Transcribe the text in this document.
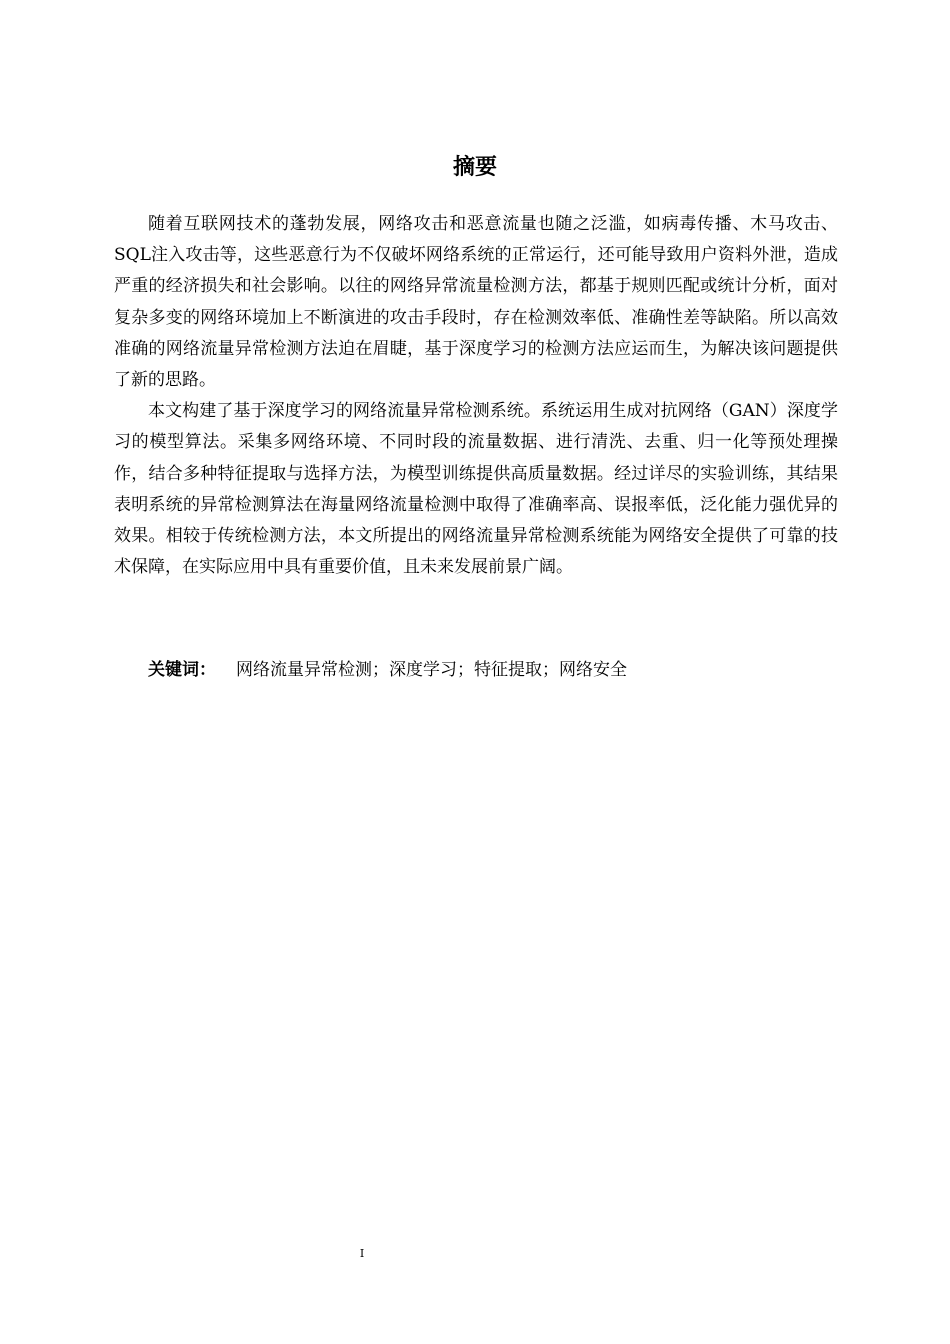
摘要

随着互联网技术的蓬勃发展，网络攻击和恶意流量也随之泛滥，如病毒传播、木马攻击、SQL注入攻击等，这些恶意行为不仅破坏网络系统的正常运行，还可能导致用户资料外泄，造成严重的经济损失和社会影响。以往的网络异常流量检测方法，都基于规则匹配或统计分析，面对复杂多变的网络环境加上不断演进的攻击手段时，存在检测效率低、准确性差等缺陷。所以高效准确的网络流量异常检测方法迫在眉睫，基于深度学习的检测方法应运而生，为解决该问题提供了新的思路。

本文构建了基于深度学习的网络流量异常检测系统。系统运用生成对抗网络（GAN）深度学习的模型算法。采集多网络环境、不同时段的流量数据、进行清洗、去重、归一化等预处理操作，结合多种特征提取与选择方法，为模型训练提供高质量数据。经过详尽的实验训练，其结果表明系统的异常检测算法在海量网络流量检测中取得了准确率高、误报率低，泛化能力强优异的效果。相较于传统检测方法，本文所提出的网络流量异常检测系统能为网络安全提供了可靠的技术保障，在实际应用中具有重要价值，且未来发展前景广阔。

关键词： 网络流量异常检测；深度学习；特征提取；网络安全
I
